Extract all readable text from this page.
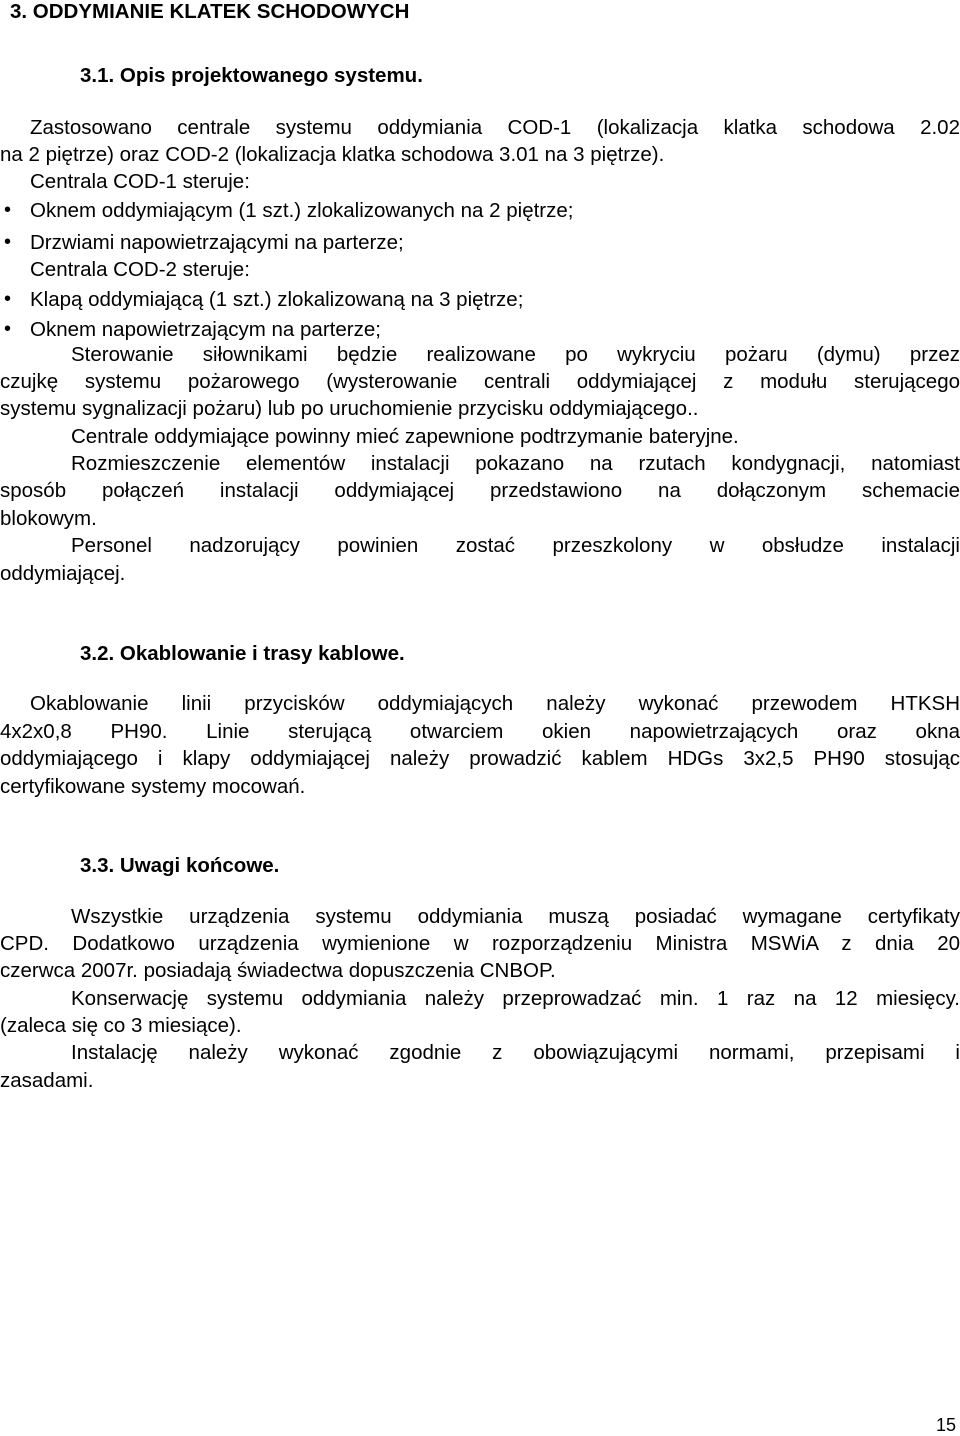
3. ODDYMIANIE KLATEK SCHODOWYCH
3.1. Opis projektowanego systemu.
Zastosowano centrale systemu oddymiania COD-1 (lokalizacja klatka schodowa 2.02
na 2 piętrze) oraz COD-2 (lokalizacja klatka schodowa 3.01 na 3 piętrze).
Centrala COD-1 steruje:
• Oknem oddymiającym (1 szt.) zlokalizowanych na 2 piętrze;
• Drzwiami napowietrzającymi na parterze;
Centrala COD-2 steruje:
• Klapą oddymiającą (1 szt.) zlokalizowaną na 3 piętrze;
• Oknem napowietrzającym na parterze;
Sterowanie siłownikami będzie realizowane po wykryciu pożaru (dymu) przez
czujkę systemu pożarowego (wysterowanie centrali oddymiającej z modułu sterującego
systemu sygnalizacji pożaru) lub po uruchomienie przycisku oddymiającego..
Centrale oddymiające powinny mieć zapewnione podtrzymanie bateryjne.
Rozmieszczenie elementów instalacji pokazano na rzutach kondygnacji, natomiast
sposób połączeń instalacji oddymiającej przedstawiono na dołączonym schemacie
blokowym.
Personel nadzorujący powinien zostać przeszkolony w obsłudze instalacji
oddymiającej.
3.2. Okablowanie i trasy kablowe.
Okablowanie linii przycisków oddymiających należy wykonać przewodem HTKSH
4x2x0,8 PH90. Linie sterującą otwarciem okien napowietrzających oraz okna
oddymiającego i klapy oddymiającej należy prowadzić kablem HDGs 3x2,5 PH90 stosując
certyfikowane systemy mocowań.
3.3. Uwagi końcowe.
Wszystkie urządzenia systemu oddymiania muszą posiadać wymagane certyfikaty
CPD. Dodatkowo urządzenia wymienione w rozporządzeniu Ministra MSWiA z dnia 20
czerwca 2007r. posiadają świadectwa dopuszczenia CNBOP.
Konserwację systemu oddymiania należy przeprowadzać min. 1 raz na 12 miesięcy.
(zaleca się co 3 miesiące).
Instalację należy wykonać zgodnie z obowiązującymi normami, przepisami i
zasadami.
15
